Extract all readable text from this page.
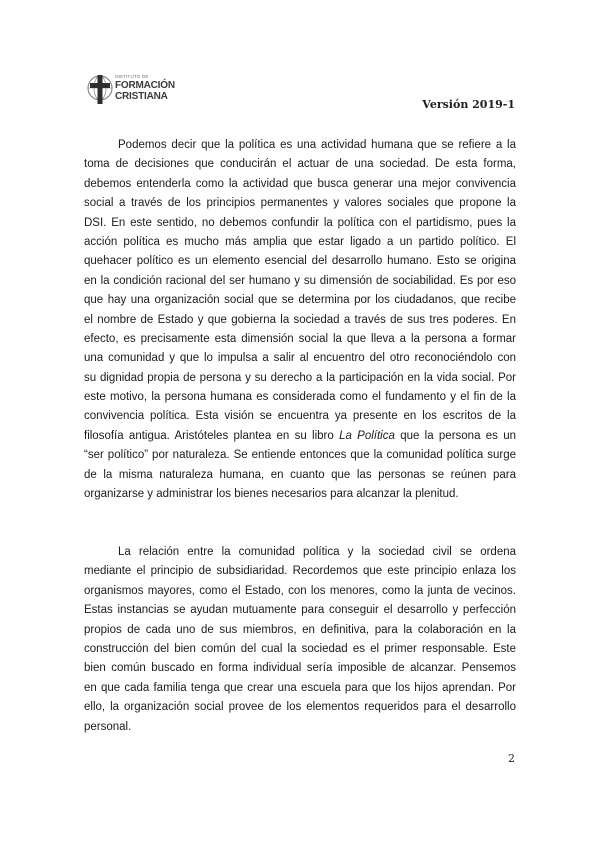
INSTITUTO DE
FORMACIÓN
CRISTIANA
Versión 2019-1
Podemos decir que la política es una actividad humana que se refiere a la
toma de decisiones que conducirán el actuar de una sociedad. De esta forma,
debemos entenderla como la actividad que busca generar una mejor convivencia
social a través de los principios permanentes y valores sociales que propone la
DSI. En este sentido, no debemos confundir la política con el partidismo, pues la
acción política es mucho más amplia que estar ligado a un partido político. El
quehacer político es un elemento esencial del desarrollo humano. Esto se origina
en la condición racional del ser humano y su dimensión de sociabilidad. Es por eso
que hay una organización social que se determina por los ciudadanos, que recibe
el nombre de Estado y que gobierna la sociedad a través de sus tres poderes. En
efecto, es precisamente esta dimensión social la que lleva a la persona a formar
una comunidad y que lo impulsa a salir al encuentro del otro reconociéndolo con
su dignidad propia de persona y su derecho a la participación en la vida social. Por
este motivo, la persona humana es considerada como el fundamento y el fin de la
convivencia política. Esta visión se encuentra ya presente en los escritos de la
filosofía antigua. Aristóteles plantea en su libro La Política que la persona es un
“ser político” por naturaleza. Se entiende entonces que la comunidad política surge
de la misma naturaleza humana, en cuanto que las personas se reúnen para
organizarse y administrar los bienes necesarios para alcanzar la plenitud.
La relación entre la comunidad política y la sociedad civil se ordena
mediante el principio de subsidiaridad. Recordemos que este principio enlaza los
organismos mayores, como el Estado, con los menores, como la junta de vecinos.
Estas instancias se ayudan mutuamente para conseguir el desarrollo y perfección
propios de cada uno de sus miembros, en definitiva, para la colaboración en la
construcción del bien común del cual la sociedad es el primer responsable. Este
bien común buscado en forma individual sería imposible de alcanzar. Pensemos
en que cada familia tenga que crear una escuela para que los hijos aprendan. Por
ello, la organización social provee de los elementos requeridos para el desarrollo
personal.
2
